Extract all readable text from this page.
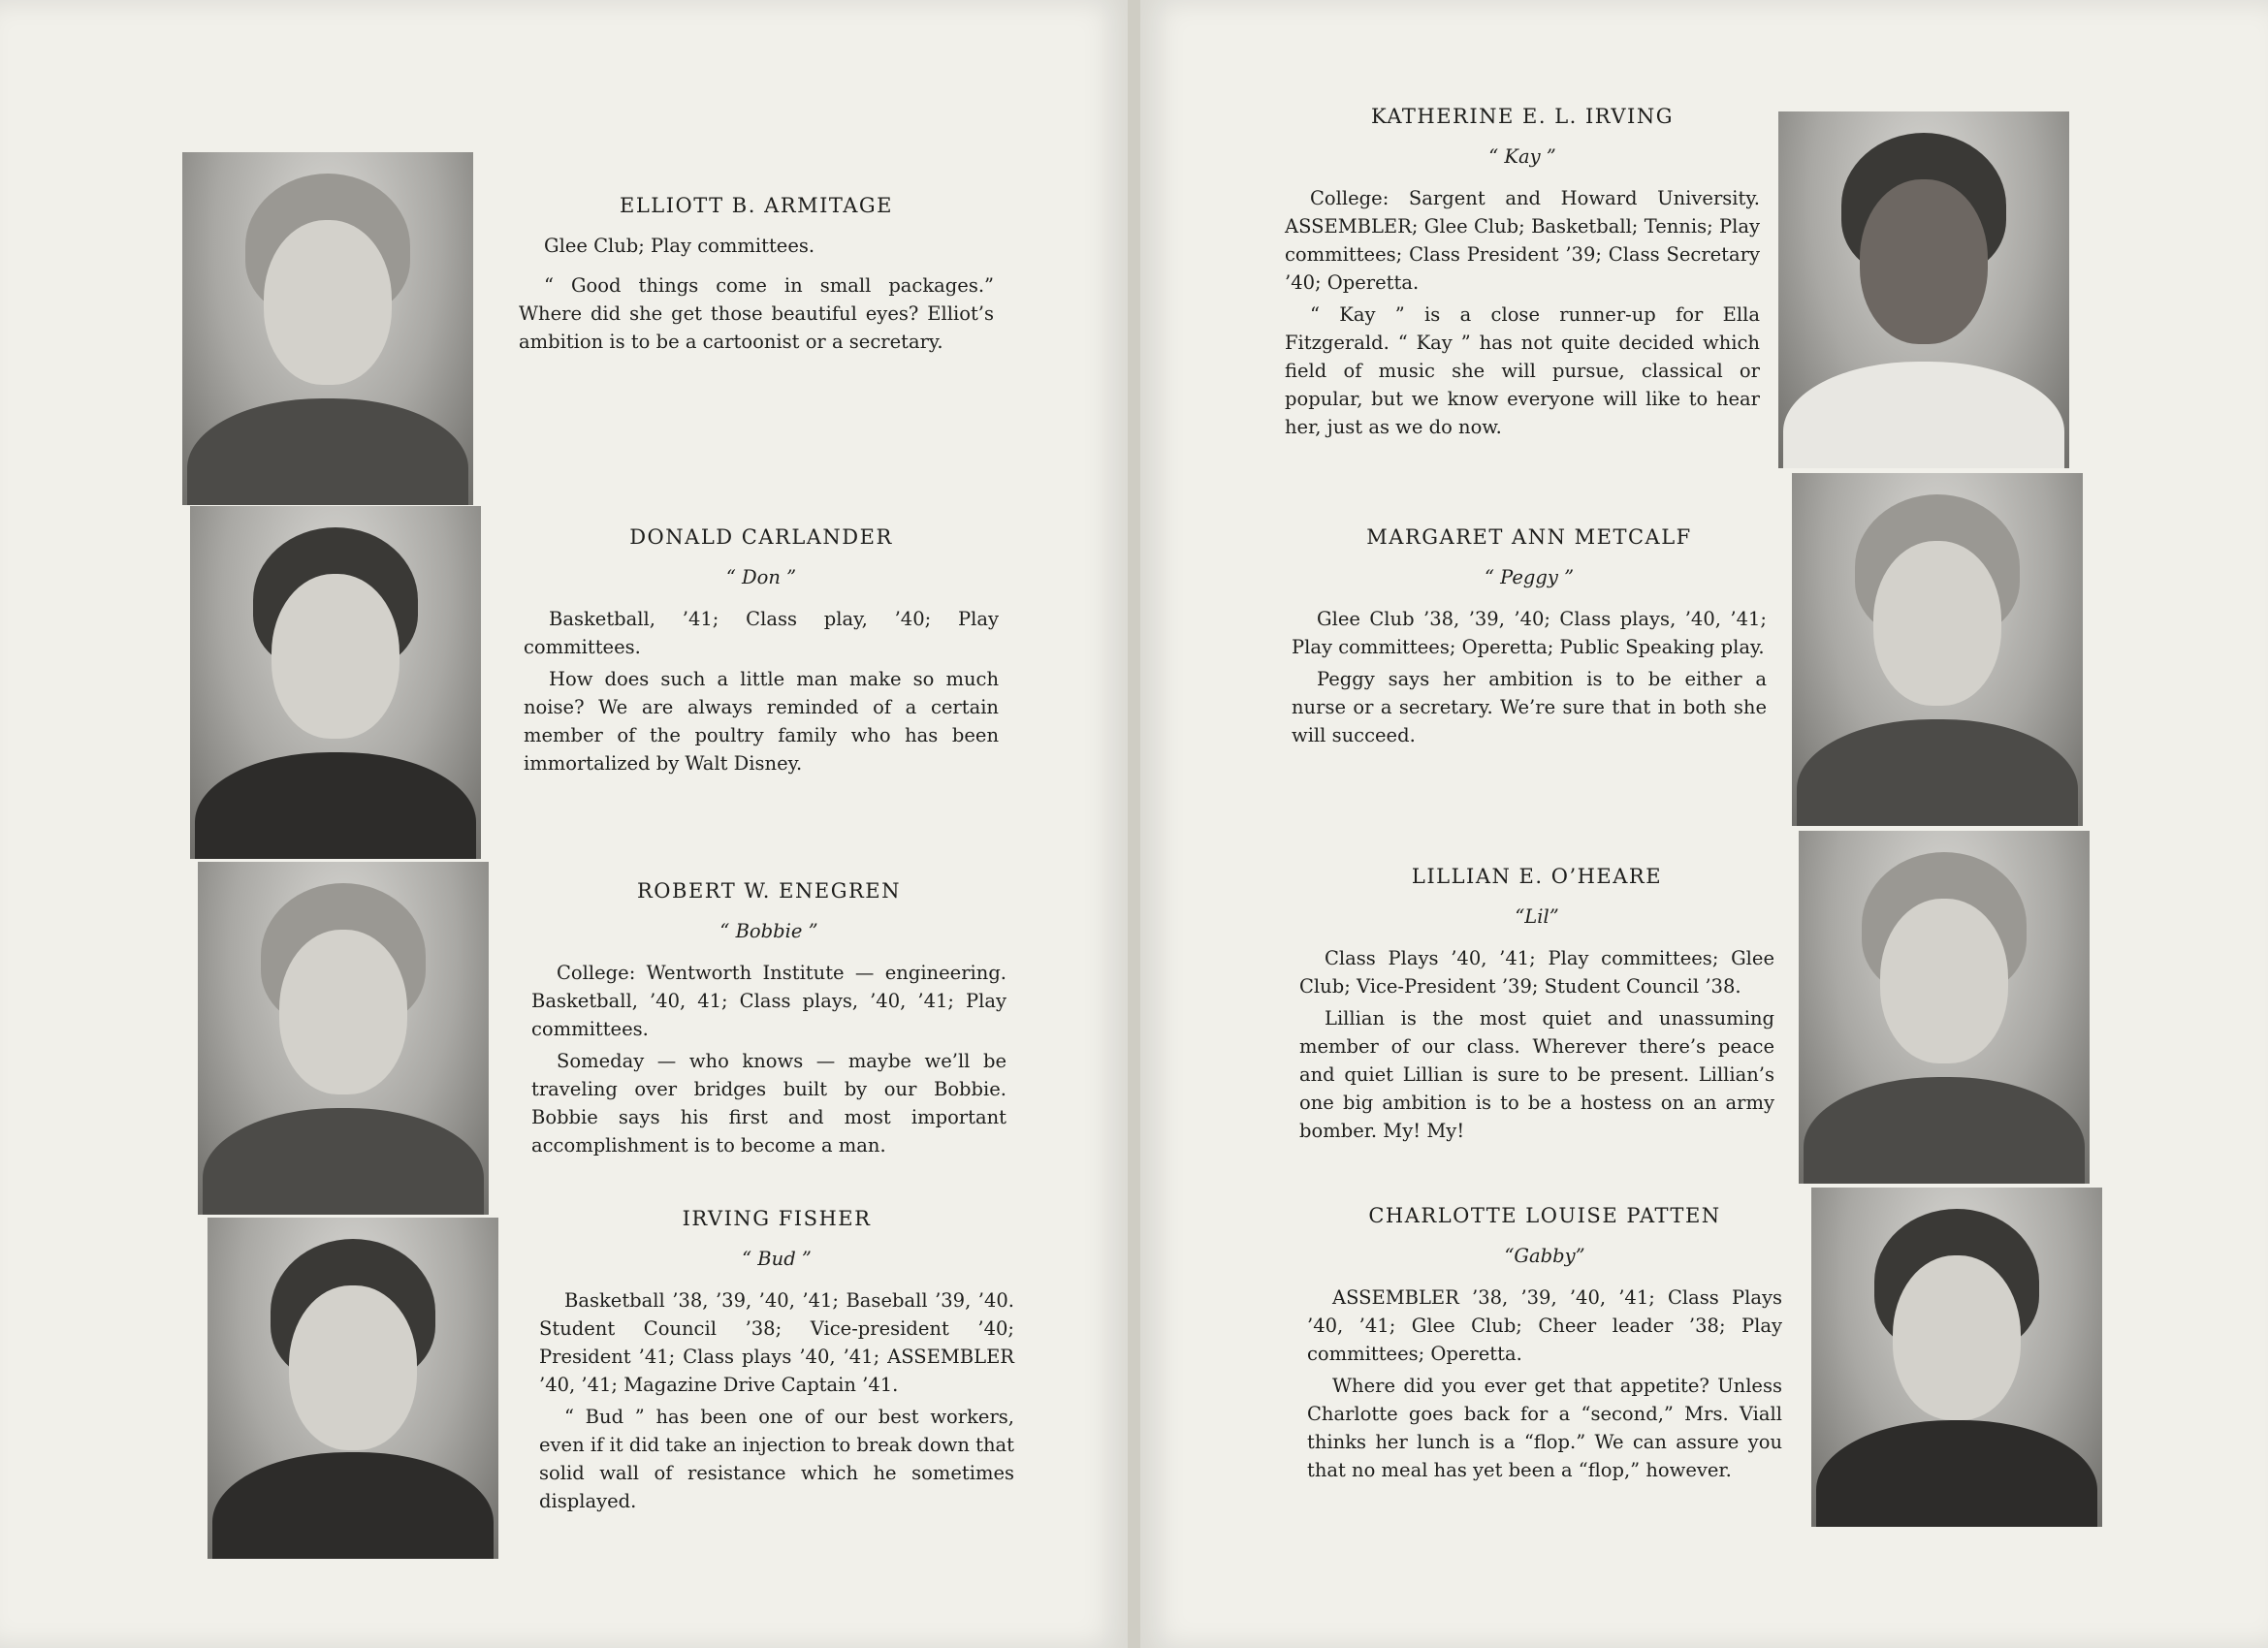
ELLIOTT B. ARMITAGE

Glee Club; Play committees.

“ Good things come in small packages.” Where did she get those beautiful eyes? Elliot’s ambition is to be a cartoonist or a secretary.

DONALD CARLANDER
“ Don ”

Basketball, ’41; Class play, ’40; Play committees.

How does such a little man make so much noise? We are always reminded of a certain member of the poultry family who has been immortalized by Walt Disney.

ROBERT W. ENEGREN
“ Bobbie ”

College: Wentworth Institute — engineering. Basketball, ’40, 41; Class plays, ’40, ’41; Play committees.

Someday — who knows — maybe we’ll be traveling over bridges built by our Bobbie. Bobbie says his first and most important accomplishment is to become a man.

IRVING FISHER
“ Bud ”

Basketball ’38, ’39, ’40, ’41; Baseball ’39, ’40. Student Council ’38; Vice-president ’40; President ’41; Class plays ’40, ’41; ASSEMBLER ’40, ’41; Magazine Drive Captain ’41.

“ Bud ” has been one of our best workers, even if it did take an injection to break down that solid wall of resistance which he sometimes displayed.

KATHERINE E. L. IRVING
“ Kay ”

College: Sargent and Howard University. ASSEMBLER; Glee Club; Basketball; Tennis; Play committees; Class President ’39; Class Secretary ’40; Operetta.

“ Kay ” is a close runner-up for Ella Fitzgerald. “ Kay ” has not quite decided which field of music she will pursue, classical or popular, but we know everyone will like to hear her, just as we do now.

MARGARET ANN METCALF
“ Peggy ”

Glee Club ’38, ’39, ’40; Class plays, ’40, ’41; Play committees; Operetta; Public Speaking play.

Peggy says her ambition is to be either a nurse or a secretary. We’re sure that in both she will succeed.

LILLIAN E. O’HEARE
“Lil”

Class Plays ’40, ’41; Play committees; Glee Club; Vice-President ’39; Student Council ’38.

Lillian is the most quiet and unassuming member of our class. Wherever there’s peace and quiet Lillian is sure to be present. Lillian’s one big ambition is to be a hostess on an army bomber. My! My!

CHARLOTTE LOUISE PATTEN
“Gabby”

ASSEMBLER ’38, ’39, ’40, ’41; Class Plays ’40, ’41; Glee Club; Cheer leader ’38; Play committees; Operetta.

Where did you ever get that appetite? Unless Charlotte goes back for a “second,” Mrs. Viall thinks her lunch is a “flop.” We can assure you that no meal has yet been a “flop,” however.
